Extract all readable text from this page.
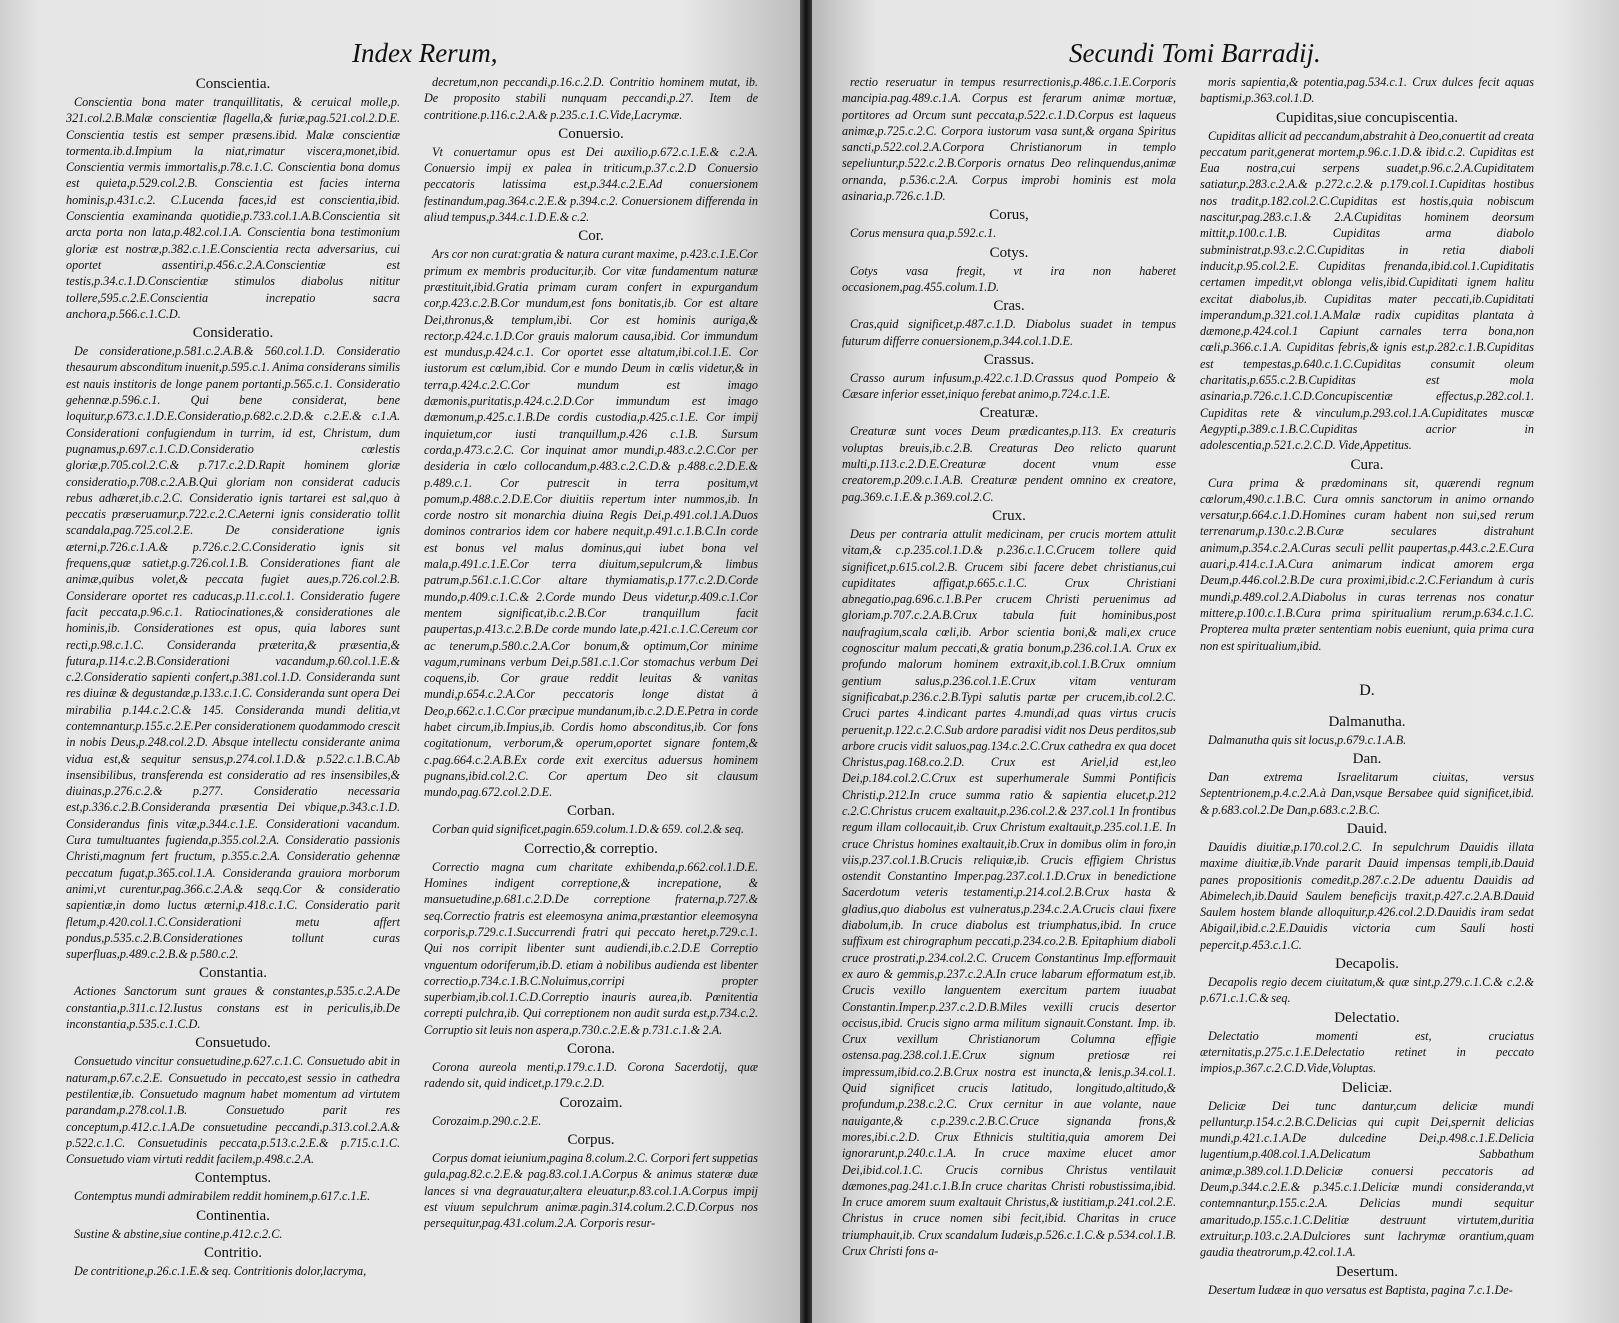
Index Rerum,
Conscientia.
Conscientia bona mater tranquillitatis, & ceruical molle,p. 321.col.2.B.Malæ conscientiæ flagella,& furiæ,pag.521.col.2.D.E. Conscientia testis est semper præsens.ibid. Malæ conscientiæ tormenta.ib.d.Impium la niat,rimatur viscera,monet,ibid. Conscientia vermis immortalis,p.78.c.1.C. Conscientia bona domus est quieta,p.529.col.2.B. Conscientia est facies interna hominis,p.431.c.2. C.Lucenda faces,id est conscientia,ibid. Conscientia examinanda quotidie,p.733.col.1.A.B.Conscientia sit arcta porta non lata,p.482.col.1.A. Conscientia bona testimonium gloriæ est nostræ,p.382.c.1.E.Conscientia recta adversarius, cui oportet assentiri,p.456.c.2.A.Conscientiæ est testis,p.34.c.1.D.Conscientiæ stimulos diabolus nititur tollere,595.c.2.E.Conscientia increpatio sacra anchora,p.566.c.1.C.D.
Consideratio.
De consideratione,p.581.c.2.A.B.& 560.col.1.D. Consideratio thesaurum absconditum inuenit,p.595.c.1. Anima considerans similis est nauis institoris de longe panem portanti,p.565.c.1. Consideratio gehennæ.p.596.c.1. Qui bene considerat, bene loquitur,p.673.c.1.D.E.Consideratio,p.682.c.2.D.& c.2.E.& c.1.A. Considerationi confugiendum in turrim, id est, Christum, dum pugnamus,p.697.c.1.C.D.Consideratio cœlestis gloriæ,p.705.col.2.C.& p.717.c.2.D.Rapit hominem gloriæ consideratio,p.708.c.2.A.B.Qui gloriam non considerat caducis rebus adhæret,ib.c.2.C. Consideratio ignis tartarei est sal,quo à peccatis præseruamur,p.722.c.2.C.Aeterni ignis consideratio tollit scandala,pag.725.col.2.E. De consideratione ignis æterni,p.726.c.1.A.& p.726.c.2.C.Consideratio ignis sit frequens,quæ satiet,p.g.726.col.1.B. Considerationes fiant ale animæ,quibus volet,& peccata fugiet aues,p.726.col.2.B. Considerare oportet res caducas,p.11.c.col.1. Consideratio fugere facit peccata,p.96.c.1. Ratiocinationes,& considerationes ale hominis,ib. Considerationes est opus, quia labores sunt recti,p.98.c.1.C. Consideranda præterita,& præsentia,& futura,p.114.c.2.B.Considerationi vacandum,p.60.col.1.E.& c.2.Consideratio sapienti confert,p.381.col.1.D. Consideranda sunt res diuinæ & degustandæ,p.133.c.1.C. Consideranda sunt opera Dei mirabilia p.144.c.2.C.& 145. Consideranda mundi delitia,vt contemnantur,p.155.c.2.E.Per considerationem quodammodo crescit in nobis Deus,p.248.col.2.D. Absque intellectu considerante anima vidua est,& sequitur sensus,p.274.col.1.D.& p.522.c.1.B.C.Ab insensibilibus, transferenda est consideratio ad res insensibiles,& diuinas,p.276.c.2.& p.277. Consideratio necessaria est,p.336.c.2.B.Consideranda præsentia Dei vbique,p.343.c.1.D. Considerandus finis vitæ,p.344.c.1.E. Considerationi vacandum. Cura tumultuantes fugienda,p.355.col.2.A. Consideratio passionis Christi,magnum fert fructum, p.355.c.2.A. Consideratio gehennæ peccatum fugat,p.365.col.1.A. Consideranda grauiora morborum animi,vt curentur,pag.366.c.2.A.& seqq.Cor & consideratio sapientiæ,in domo luctus æterni,p.418.c.1.C. Consideratio parit fletum,p.420.col.1.C.Considerationi metu affert pondus,p.535.c.2.B.Considerationes tollunt curas superfluas,p.489.c.2.B.& p.580.c.2.
Constantia.
Actiones Sanctorum sunt graues & constantes,p.535.c.2.A.De constantia,p.311.c.12.Iustus constans est in periculis,ib.De inconstantia,p.535.c.1.C.D.
Consuetudo.
Consuetudo vincitur consuetudine,p.627.c.1.C. Consuetudo abit in naturam,p.67.c.2.E. Consuetudo in peccato,est sessio in cathedra pestilentiæ,ib. Consuetudo magnum habet momentum ad virtutem parandam,p.278.col.1.B. Consuetudo parit res conceptum,p.412.c.1.A.De consuetudine peccandi,p.313.col.2.A.& p.522.c.1.C. Consuetudinis peccata,p.513.c.2.E.& p.715.c.1.C. Consuetudo viam virtuti reddit facilem,p.498.c.2.A.
Contemptus.
Contemptus mundi admirabilem reddit hominem,p.617.c.1.E.
Continentia.
Sustine & abstine,siue contine,p.412.c.2.C.
Contritio.
De contritione,p.26.c.1.E.& seq. Contritionis dolor,lacryma,
decretum,non peccandi,p.16.c.2.D. Contritio hominem mutat, ib. De proposito stabili nunquam peccandi,p.27. Item de contritione.p.116.c.2.A.& p.235.c.1.C.Vide,Lacrymæ.
Conuersio.
Vt conuertamur opus est Dei auxilio,p.672.c.1.E.& c.2.A. Conuersio impij ex palea in triticum,p.37.c.2.D Conuersio peccatoris latissima est,p.344.c.2.E.Ad conuersionem festinandum,pag.364.c.2.E.& p.394.c.2. Conuersionem differenda in aliud tempus,p.344.c.1.D.E.& c.2.
Cor.
Ars cor non curat:gratia & natura curant maxime, p.423.c.1.E.Cor primum ex membris producitur,ib. Cor vitæ fundamentum naturæ præstituit,ibid.Gratia primam curam confert in expurgandum cor,p.423.c.2.B.Cor mundum,est fons bonitatis,ib. Cor est altare Dei,thronus,& templum,ibi. Cor est hominis auriga,& rector,p.424.c.1.D.Cor grauis malorum causa,ibid. Cor immundum est mundus,p.424.c.1. Cor oportet esse altatum,ibi.col.1.E. Cor iustorum est cœlum,ibid. Cor e mundo Deum in cœlis videtur,& in terra,p.424.c.2.C.Cor mundum est imago dæmonis,puritatis,p.424.c.2.D.Cor immundum est imago dæmonum,p.425.c.1.B.De cordis custodia,p.425.c.1.E. Cor impij inquietum,cor iusti tranquillum,p.426 c.1.B. Sursum corda,p.473.c.2.C. Cor inquinat amor mundi,p.483.c.2.C.Cor per desideria in cœlo collocandum,p.483.c.2.C.D.& p.488.c.2.D.E.& p.489.c.1. Cor putrescit in terra positum,vt pomum,p.488.c.2.D.E.Cor diuitiis repertum inter nummos,ib. In corde nostro sit monarchia diuina Regis Dei,p.491.col.1.A.Duos dominos contrarios idem cor habere nequit,p.491.c.1.B.C.In corde est bonus vel malus dominus,qui iubet bona vel mala,p.491.c.1.E.Cor terra diuitum,sepulcrum,& limbus patrum,p.561.c.1.C.Cor altare thymiamatis,p.177.c.2.D.Corde mundo,p.409.c.1.C.& 2.Corde mundo Deus videtur,p.409.c.1.Cor mentem significat,ib.c.2.B.Cor tranquillum facit paupertas,p.413.c.2.B.De corde mundo late,p.421.c.1.C.Cereum cor ac tenerum,p.580.c.2.A.Cor bonum,& optimum,Cor minime vagum,ruminans verbum Dei,p.581.c.1.Cor stomachus verbum Dei coquens,ib. Cor graue reddit leuitas & vanitas mundi,p.654.c.2.A.Cor peccatoris longe distat à Deo,p.662.c.1.C.Cor præcipue mundanum,ib.c.2.D.E.Petra in corde habet circum,ib.Impius,ib. Cordis homo absconditus,ib. Cor fons cogitationum, verborum,& operum,oportet signare fontem,& c.pag.664.c.2.A.B.Ex corde exit exercitus aduersus hominem pugnans,ibid.col.2.C. Cor apertum Deo sit clausum mundo,pag.672.col.2.D.E.
Corban.
Corban quid significet,pagin.659.colum.1.D.& 659. col.2.& seq.
Correctio,& correptio.
Correctio magna cum charitate exhibenda,p.662.col.1.D.E. Homines indigent correptione,& increpatione, & mansuetudine,p.681.c.2.D.De correptione fraterna,p.727.& seq.Correctio fratris est eleemosyna anima,præstantior eleemosyna corporis,p.729.c.1.Succurrendi fratri qui peccato heret,p.729.c.1. Qui nos corripit libenter sunt audiendi,ib.c.2.D.E Correptio vnguentum odoriferum,ib.D. etiam à nobilibus audienda est libenter correctio,p.734.c.1.B.C.Noluimus,corripi propter superbiam,ib.col.1.C.D.Correptio inauris aurea,ib. Pœnitentia correpti pulchra,ib. Qui correptionem non audit surda est,p.734.c.2. Corruptio sit leuis non aspera,p.730.c.2.E.& p.731.c.1.& 2.A.
Corona.
Corona aureola menti,p.179.c.1.D. Corona Sacerdotij, quæ radendo sit, quid indicet,p.179.c.2.D.
Corozaim.
Corozaim.p.290.c.2.E.
Corpus.
Corpus domat ieiunium,pagina 8.colum.2.C. Corpori fert suppetias gula,pag.82.c.2.E.& pag.83.col.1.A.Corpus & animus stateræ duæ lances si vna degrauatur,altera eleuatur,p.83.col.1.A.Corpus impij est viuum sepulchrum animæ.pagin.314.colum.2.C.D.Corpus nos persequitur,pag.431.colum.2.A. Corporis resur-
Secundi Tomi Barradij.
rectio reseruatur in tempus resurrectionis,p.486.c.1.E.Corporis mancipia.pag.489.c.1.A. Corpus est ferarum animæ mortuæ, portitores ad Orcum sunt peccata,p.522.c.1.D.Corpus est laqueus animæ,p.725.c.2.C. Corpora iustorum vasa sunt,& organa Spiritus sancti,p.522.col.2.A.Corpora Christianorum in templo sepeliuntur,p.522.c.2.B.Corporis ornatus Deo relinquendus,animæ ornanda, p.536.c.2.A. Corpus improbi hominis est mola asinaria,p.726.c.1.D.
Corus,
Corus mensura qua,p.592.c.1.
Cotys.
Cotys vasa fregit, vt ira non haberet occasionem,pag.455.colum.1.D.
Cras.
Cras,quid significet,p.487.c.1.D. Diabolus suadet in tempus futurum differre conuersionem,p.344.col.1.D.E.
Crassus.
Crasso aurum infusum,p.422.c.1.D.Crassus quod Pompeio & Cæsare inferior esset,iniquo ferebat animo,p.724.c.1.E.
Creaturæ.
Creaturæ sunt voces Deum prædicantes,p.113. Ex creaturis voluptas breuis,ib.c.2.B. Creaturas Deo relicto quarunt multi,p.113.c.2.D.E.Creaturæ docent vnum esse creatorem,p.209.c.1.A.B. Creaturæ pendent omnino ex creatore, pag.369.c.1.E.& p.369.col.2.C.
Crux.
Deus per contraria attulit medicinam, per crucis mortem attulit vitam,& c.p.235.col.1.D.& p.236.c.1.C.Crucem tollere quid significet,p.615.col.2.B. Crucem sibi facere debet christianus,cui cupiditates affigat,p.665.c.1.C. Crux Christiani abnegatio,pag.696.c.1.B.Per crucem Christi peruenimus ad gloriam,p.707.c.2.A.B.Crux tabula fuit hominibus,post naufragium,scala cœli,ib. Arbor scientia boni,& mali,ex cruce cognoscitur malum peccati,& gratia bonum,p.236.col.1.A. Crux ex profundo malorum hominem extraxit,ib.col.1.B.Crux omnium gentium salus,p.236.col.1.E.Crux vitam venturam significabat,p.236.c.2.B.Typi salutis partæ per crucem,ib.col.2.C. Cruci partes 4.indicant partes 4.mundi,ad quas virtus crucis peruenit,p.122.c.2.C.Sub ardore paradisi vidit nos Deus perditos,sub arbore crucis vidit saluos,pag.134.c.2.C.Crux cathedra ex qua docet Christus,pag.168.co.2.D. Crux est Ariel,id est,leo Dei,p.184.col.2.C.Crux est superhumerale Summi Pontificis Christi,p.212.In cruce summa ratio & sapientia elucet,p.212 c.2.C.Christus crucem exaltauit,p.236.col.2.& 237.col.1 In frontibus regum illam collocauit,ib. Crux Christum exaltauit,p.235.col.1.E. In cruce Christus homines exaltauit,ib.Crux in domibus olim in foro,in viis,p.237.col.1.B.Crucis reliquiæ,ib. Crucis effigiem Christus ostendit Constantino Imper.pag.237.col.1.D.Crux in benedictione Sacerdotum veteris testamenti,p.214.col.2.B.Crux hasta & gladius,quo diabolus est vulneratus,p.234.c.2.A.Crucis claui fixere diabolum,ib. In cruce diabolus est triumphatus,ibid. In cruce suffixum est chirographum peccati,p.234.co.2.B. Epitaphium diaboli cruce prostrati,p.234.col.2.C. Crucem Constantinus Imp.efformauit ex auro & gemmis,p.237.c.2.A.In cruce labarum efformatum est,ib. Crucis vexillo languentem exercitum partem iuuabat Constantin.Imper.p.237.c.2.D.B.Miles vexilli crucis desertor occisus,ibid. Crucis signo arma militum signauit.Constant. Imp. ib. Crux vexillum Christianorum Columna effigie ostensa.pag.238.col.1.E.Crux signum pretiosæ rei impressum,ibid.co.2.B.Crux nostra est inuncta,& lenis,p.34.col.1. Quid significet crucis latitudo, longitudo,altitudo,& profundum,p.238.c.2.C. Crux cernitur in aue volante, naue nauigante,& c.p.239.c.2.B.C.Cruce signanda frons,& mores,ibi.c.2.D. Crux Ethnicis stultitia,quia amorem Dei ignorarunt,p.240.c.1.A. In cruce maxime elucet amor Dei,ibid.col.1.C. Crucis cornibus Christus ventilauit dæmones,pag.241.c.1.B.In cruce charitas Christi robustissima,ibid. In cruce amorem suum exaltauit Christus,& iustitiam,p.241.col.2.E. Christus in cruce nomen sibi fecit,ibid. Charitas in cruce triumphauit,ib. Crux scandalum Iudæis,p.526.c.1.C.& p.534.col.1.B. Crux Christi fons a-
moris sapientia,& potentia,pag.534.c.1. Crux dulces fecit aquas baptismi,p.363.col.1.D.
Cupiditas,siue concupiscentia.
Cupiditas allicit ad peccandum,abstrahit à Deo,conuertit ad creata peccatum parit,generat mortem,p.96.c.1.D.& ibid.c.2. Cupiditas est Eua nostra,cui serpens suadet,p.96.c.2.A.Cupiditatem satiatur,p.283.c.2.A.& p.272.c.2.& p.179.col.1.Cupiditas hostibus nos tradit,p.182.col.2.C.Cupiditas est hostis,quia nobiscum nascitur,pag.283.c.1.& 2.A.Cupiditas hominem deorsum mittit,p.100.c.1.B. Cupiditas arma diabolo subministrat,p.93.c.2.C.Cupiditas in retia diaboli inducit,p.95.col.2.E. Cupiditas frenanda,ibid.col.1.Cupiditatis certamen impedit,vt oblonga velis,ibid.Cupiditati ignem halitu excitat diabolus,ib. Cupiditas mater peccati,ib.Cupiditati imperandum,p.321.col.1.A.Malæ radix cupiditas plantata à dæmone,p.424.col.1 Capiunt carnales terra bona,non cœli,p.366.c.1.A. Cupiditas febris,& ignis est,p.282.c.1.B.Cupiditas est tempestas,p.640.c.1.C.Cupiditas consumit oleum charitatis,p.655.c.2.B.Cupiditas est mola asinaria,p.726.c.1.C.D.Concupiscentiæ effectus,p.282.col.1. Cupiditas rete & vinculum,p.293.col.1.A.Cupiditates muscæ Aegypti,p.389.c.1.B.C.Cupiditas acrior in adolescentia,p.521.c.2.C.D. Vide,Appetitus.
Cura.
Cura prima & prædominans sit, quærendi regnum cœlorum,490.c.1.B.C. Cura omnis sanctorum in animo ornando versatur,p.664.c.1.D.Homines curam habent non sui,sed rerum terrenarum,p.130.c.2.B.Curæ seculares distrahunt animum,p.354.c.2.A.Curas seculi pellit paupertas,p.443.c.2.E.Cura auari,p.414.c.1.A.Cura animarum indicat amorem erga Deum,p.446.col.2.B.De cura proximi,ibid.c.2.C.Feriandum à curis mundi,p.489.col.2.A.Diabolus in curas terrenas nos conatur mittere,p.100.c.1.B.Cura prima spiritualium rerum,p.634.c.1.C. Propterea multa præter sententiam nobis eueniunt, quia prima cura non est spiritualium,ibid.
D.
Dalmanutha.
Dalmanutha quis sit locus,p.679.c.1.A.B.
Dan.
Dan extrema Israelitarum ciuitas, versus Septentrionem,p.4.c.2.A.à Dan,vsque Bersabee quid significet,ibid. & p.683.col.2.De Dan,p.683.c.2.B.C.
Dauid.
Dauidis diuitiæ,p.170.col.2.C. In sepulchrum Dauidis illata maxime diuitiæ,ib.Vnde pararit Dauid impensas templi,ib.Dauid panes propositionis comedit,p.287.c.2.De aduentu Dauidis ad Abimelech,ib.Dauid Saulem beneficijs traxit,p.427.c.2.A.B.Dauid Saulem hostem blande alloquitur,p.426.col.2.D.Dauidis iram sedat Abigail,ibid.c.2.E.Dauidis victoria cum Sauli hosti pepercit,p.453.c.1.C.
Decapolis.
Decapolis regio decem ciuitatum,& quæ sint,p.279.c.1.C.& c.2.& p.671.c.1.C.& seq.
Delectatio.
Delectatio momenti est, cruciatus æternitatis,p.275.c.1.E.Delectatio retinet in peccato impios,p.367.c.2.C.D.Vide,Voluptas.
Deliciæ.
Deliciæ Dei tunc dantur,cum deliciæ mundi pelluntur,p.154.c.2.B.C.Delicias qui cupit Dei,spernit delicias mundi,p.421.c.1.A.De dulcedine Dei,p.498.c.1.E.Delicia lugentium,p.408.col.1.A.Delicatum Sabbathum animæ,p.389.col.1.D.Deliciæ conuersi peccatoris ad Deum,p.344.c.2.E.& p.345.c.1.Deliciæ mundi consideranda,vt contemnantur,p.155.c.2.A. Delicias mundi sequitur amaritudo,p.155.c.1.C.Delitiæ destruunt virtutem,duritia extruitur,p.103.c.2.A.Dulciores sunt lachrymæ orantium,quam gaudia theatrorum,p.42.col.1.A.
Desertum.
Desertum Iudææ in quo versatus est Baptista, pagina 7.c.1.De-
